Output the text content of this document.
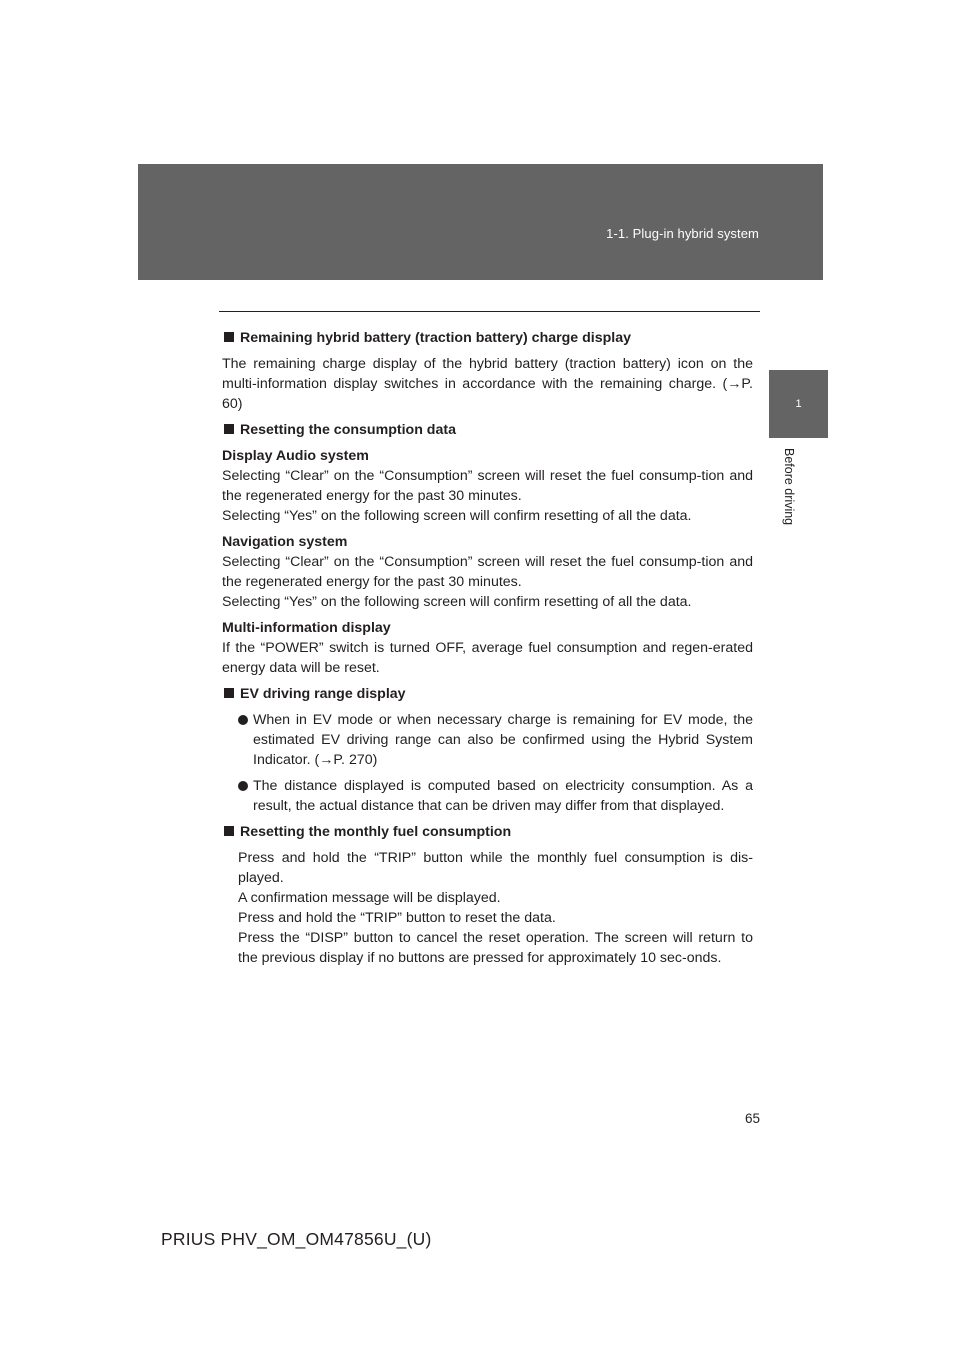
1-1. Plug-in hybrid system
1
Before driving
Remaining hybrid battery (traction battery) charge display
The remaining charge display of the hybrid battery (traction battery) icon on the multi-information display switches in accordance with the remaining charge. (→P. 60)
Resetting the consumption data
Display Audio system
Selecting “Clear” on the “Consumption” screen will reset the fuel consump-tion and the regenerated energy for the past 30 minutes.
Selecting “Yes” on the following screen will confirm resetting of all the data.
Navigation system
Selecting “Clear” on the “Consumption” screen will reset the fuel consump-tion and the regenerated energy for the past 30 minutes.
Selecting “Yes” on the following screen will confirm resetting of all the data.
Multi-information display
If the “POWER” switch is turned OFF, average fuel consumption and regen-erated energy data will be reset.
EV driving range display
When in EV mode or when necessary charge is remaining for EV mode, the estimated EV driving range can also be confirmed using the Hybrid System Indicator. (→P. 270)
The distance displayed is computed based on electricity consumption. As a result, the actual distance that can be driven may differ from that displayed.
Resetting the monthly fuel consumption
Press and hold the “TRIP” button while the monthly fuel consumption is dis-played.
A confirmation message will be displayed.
Press and hold the “TRIP” button to reset the data.
Press the “DISP” button to cancel the reset operation. The screen will return to the previous display if no buttons are pressed for approximately 10 sec-onds.
65
PRIUS PHV_OM_OM47856U_(U)
